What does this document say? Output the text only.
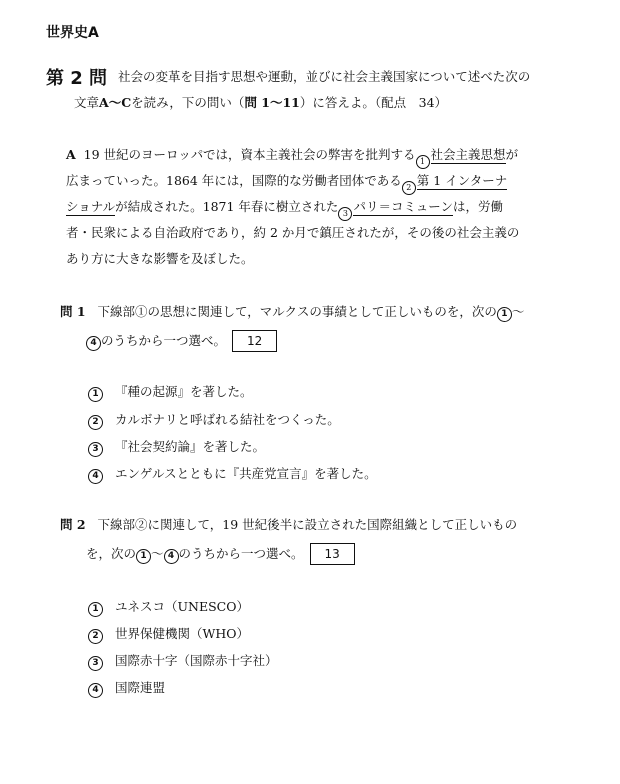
世界史A
第 2 問 社会の変革を目指す思想や運動，並びに社会主義国家について述べた次の
文章A～Cを読み，下の問い（問 1～11）に答えよ。（配点　34）
A 19 世紀のヨーロッパでは，資本主義社会の弊害を批判する 1 社会主義思想が
広まっていった。1864 年には，国際的な労働者団体である 2 第 1 インターナ
ショナルが結成された。1871 年春に樹立された 3 パリ＝コミューンは，労働
者・民衆による自治政府であり，約 2 か月で鎮圧されたが，その後の社会主義の
あり方に大きな影響を及ぼした。
問 1 下線部①の思想に関連して，マルクスの事績として正しいものを，次の 1 ～
4 のうちから一つ選べ。 12
1 『種の起源』を著した。
2 カルボナリと呼ばれる結社をつくった。
3 『社会契約論』を著した。
4 エンゲルスとともに『共産党宣言』を著した。
問 2 下線部②に関連して，19 世紀後半に設立された国際組織として正しいもの
を，次の 1 ～ 4 のうちから一つ選べ。 13
1 ユネスコ（UNESCO）
2 世界保健機関（WHO）
3 国際赤十字（国際赤十字社）
4 国際連盟
